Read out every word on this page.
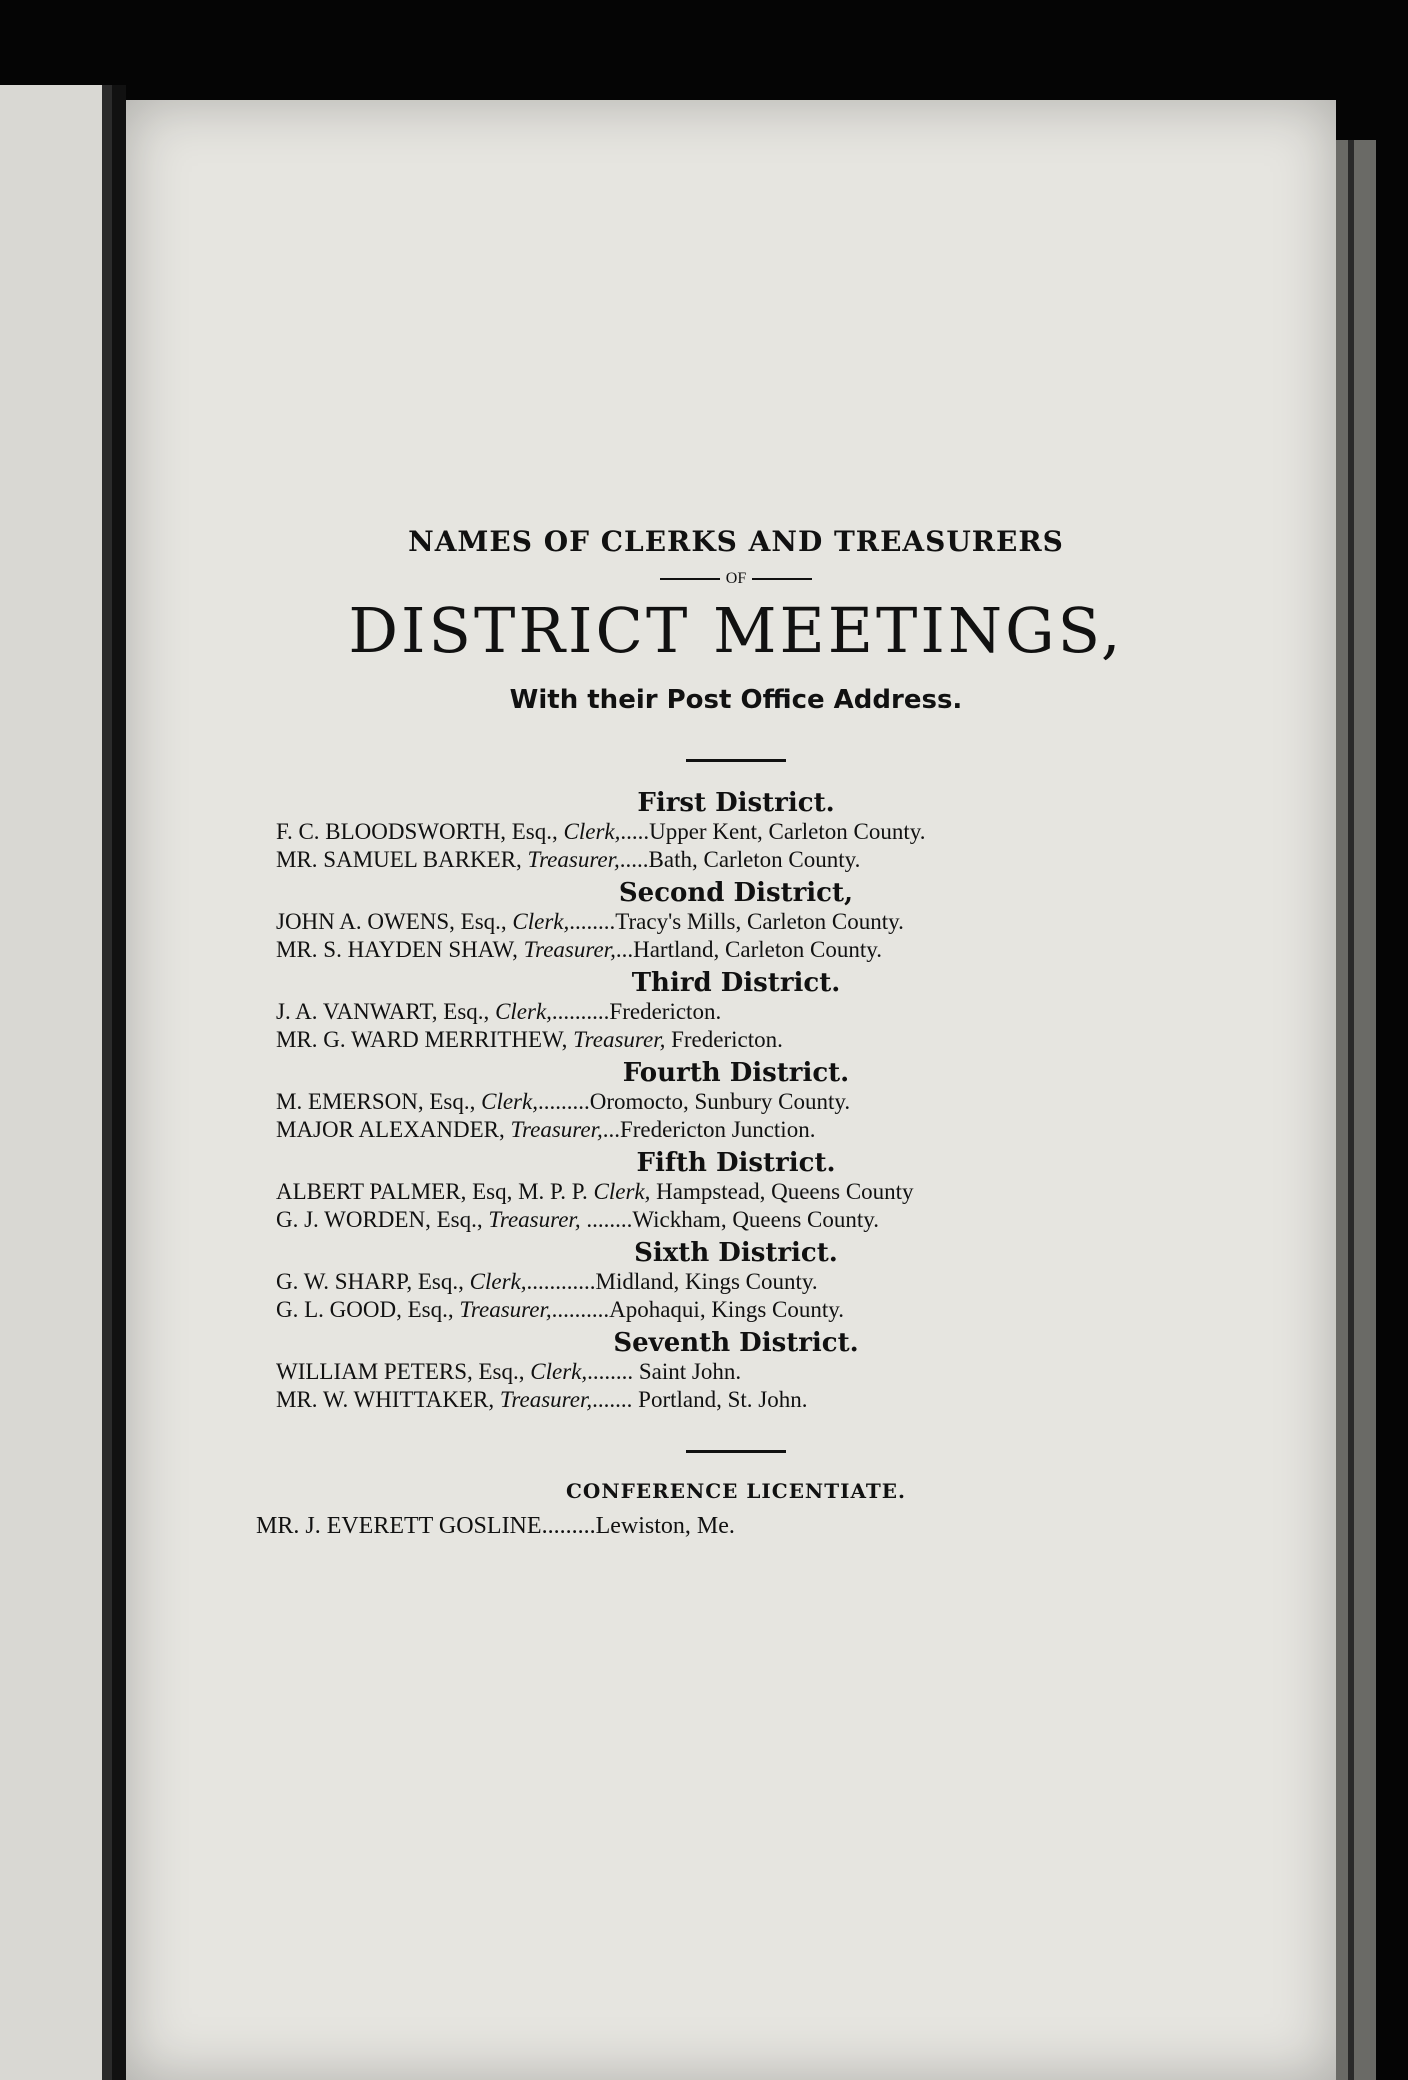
NAMES OF CLERKS AND TREASURERS
OF
DISTRICT MEETINGS,
With their Post Office Address.
First District.
F. C. BLOODSWORTH, Esq., Clerk,.....Upper Kent, Carleton County.
MR. SAMUEL BARKER, Treasurer,.....Bath, Carleton County.
Second District,
JOHN A. OWENS, Esq., Clerk,........Tracy's Mills, Carleton County.
MR. S. HAYDEN SHAW, Treasurer,...Hartland, Carleton County.
Third District.
J. A. VANWART, Esq., Clerk,..........Fredericton.
MR. G. WARD MERRITHEW, Treasurer, Fredericton.
Fourth District.
M. EMERSON, Esq., Clerk,.........Oromocto, Sunbury County.
MAJOR ALEXANDER, Treasurer,...Fredericton Junction.
Fifth District.
ALBERT PALMER, Esq, M. P. P. Clerk, Hampstead, Queens County
G. J. WORDEN, Esq., Treasurer, ........Wickham, Queens County.
Sixth District.
G. W. SHARP, Esq., Clerk,............Midland, Kings County.
G. L. GOOD, Esq., Treasurer,..........Apohaqui, Kings County.
Seventh District.
WILLIAM PETERS, Esq., Clerk,........ Saint John.
MR. W. WHITTAKER, Treasurer,....... Portland, St. John.
CONFERENCE LICENTIATE.
MR. J. EVERETT GOSLINE.........Lewiston, Me.
